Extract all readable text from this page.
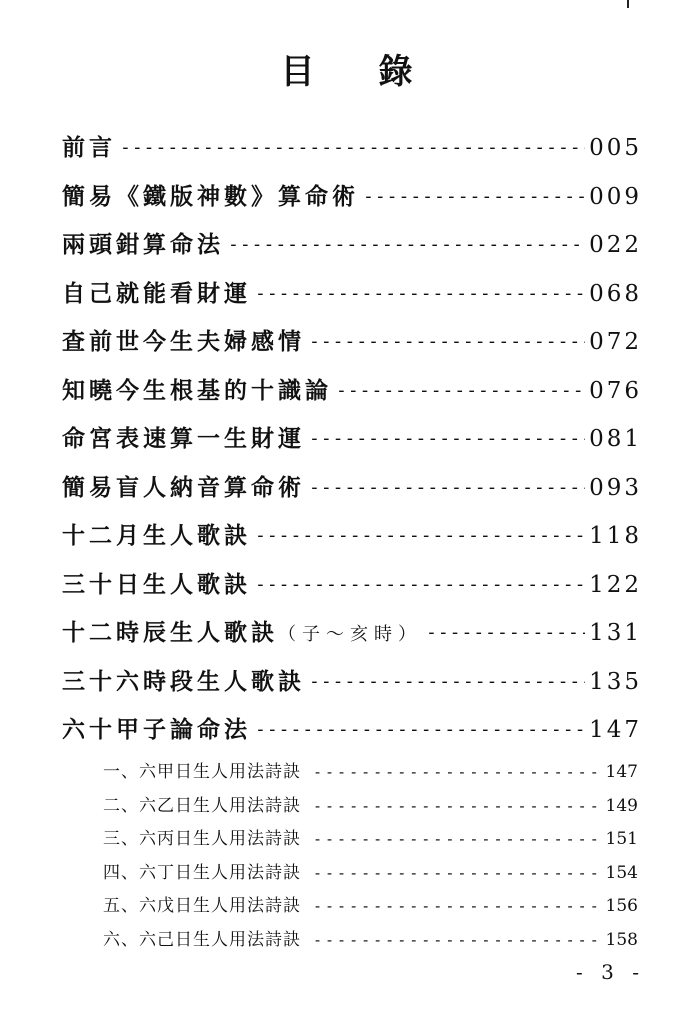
目 錄
前言 -----	005
簡易《鐵版神數》算命術 -----	009
兩頭鉗算命法 -----	022
自己就能看財運 -----	068
查前世今生夫婦感情 -----	072
知曉今生根基的十識論 -----	076
命宮表速算一生財運 -----	081
簡易盲人納音算命術 -----	093
十二月生人歌訣 -----	118
三十日生人歌訣 -----	122
十二時辰生人歌訣 （子～亥時） -----	131
三十六時段生人歌訣 -----	135
六十甲子論命法 -----	147
一、六甲日生人用法詩訣 -----	147
二、六乙日生人用法詩訣 -----	149
三、六丙日生人用法詩訣 -----	151
四、六丁日生人用法詩訣 -----	154
五、六戊日生人用法詩訣 -----	156
六、六己日生人用法詩訣 -----	158
- 3 -
